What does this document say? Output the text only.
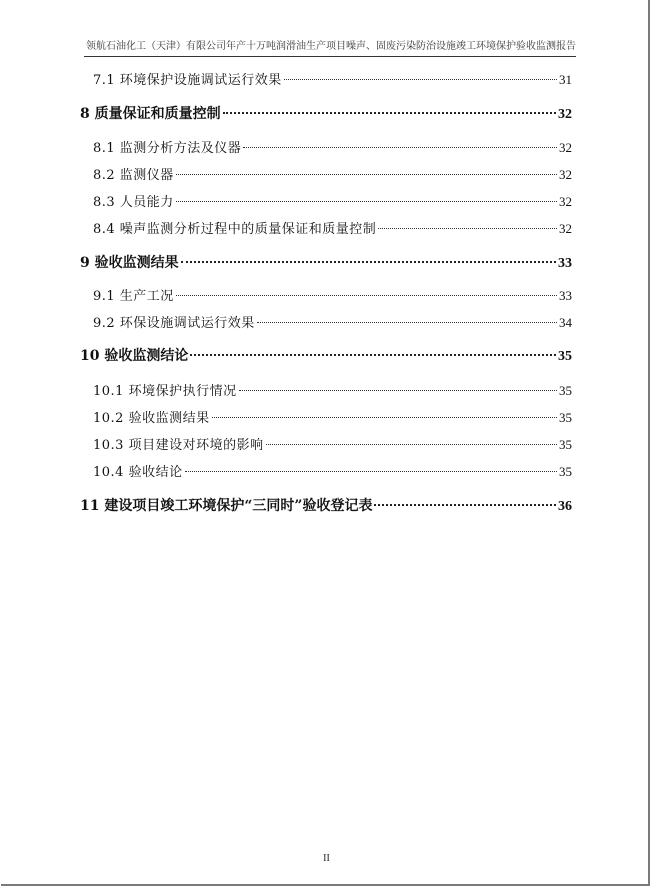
领航石油化工（天津）有限公司年产十万吨润滑油生产项目噪声、固废污染防治设施竣工环境保护验收监测报告
7.1 环境保护设施调试运行效果	31
8 质量保证和质量控制	32
8.1 监测分析方法及仪器	32
8.2 监测仪器	32
8.3 人员能力	32
8.4 噪声监测分析过程中的质量保证和质量控制	32
9 验收监测结果	33
9.1 生产工况	33
9.2 环保设施调试运行效果	34
10 验收监测结论	35
10.1 环境保护执行情况	35
10.2 验收监测结果	35
10.3 项目建设对环境的影响	35
10.4 验收结论	35
11 建设项目竣工环境保护“三同时”验收登记表	36
II
